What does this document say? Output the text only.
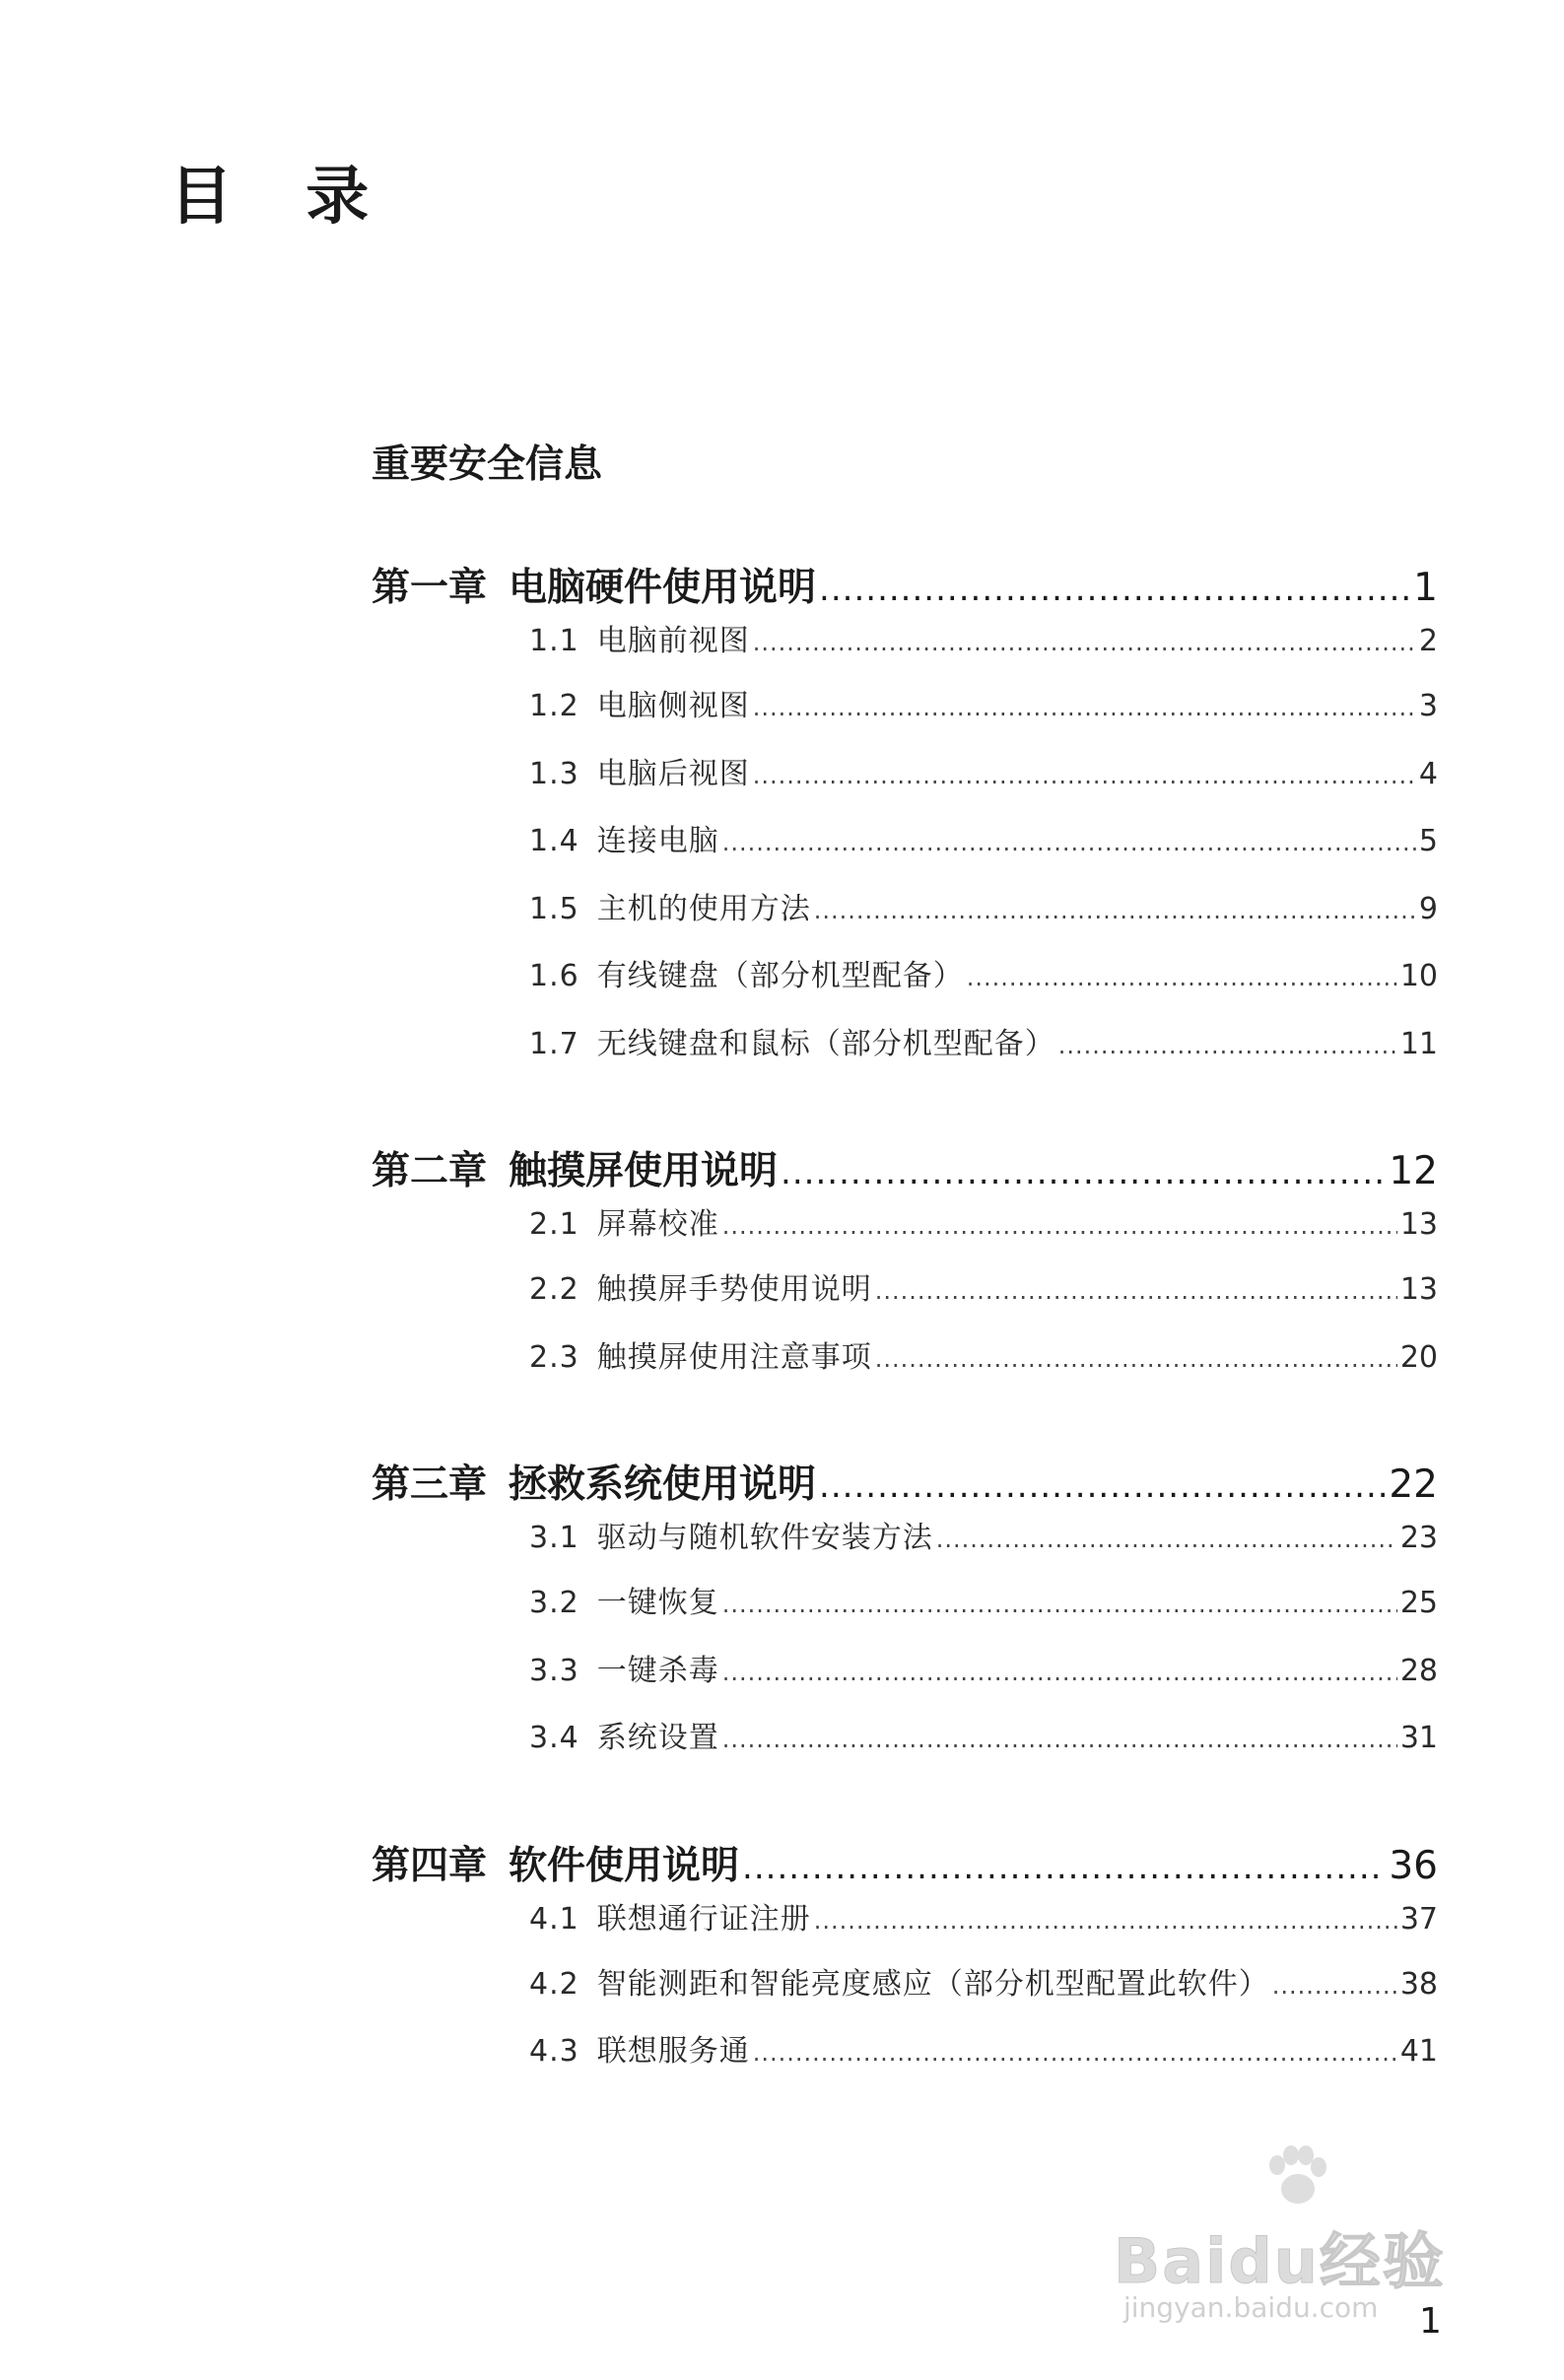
目 录
重要安全信息
第一章 电脑硬件使用说明 .....	1
1.1 电脑前视图 .....	2
1.2 电脑侧视图 .....	3
1.3 电脑后视图 .....	4
1.4 连接电脑 .....	5
1.5 主机的使用方法 .....	9
1.6 有线键盘（部分机型配备） .....	10
1.7 无线键盘和鼠标（部分机型配备） .....	11
第二章 触摸屏使用说明 .....	12
2.1 屏幕校准 .....	13
2.2 触摸屏手势使用说明 .....	13
2.3 触摸屏使用注意事项 .....	20
第三章 拯救系统使用说明 .....	22
3.1 驱动与随机软件安装方法 .....	23
3.2 一键恢复 .....	25
3.3 一键杀毒 .....	28
3.4 系统设置 .....	31
第四章 软件使用说明 .....	36
4.1 联想通行证注册 .....	37
4.2 智能测距和智能亮度感应（部分机型配置此软件） .....	38
4.3 联想服务通 .....	41
Baidu经验
jingyan.baidu.com 1
